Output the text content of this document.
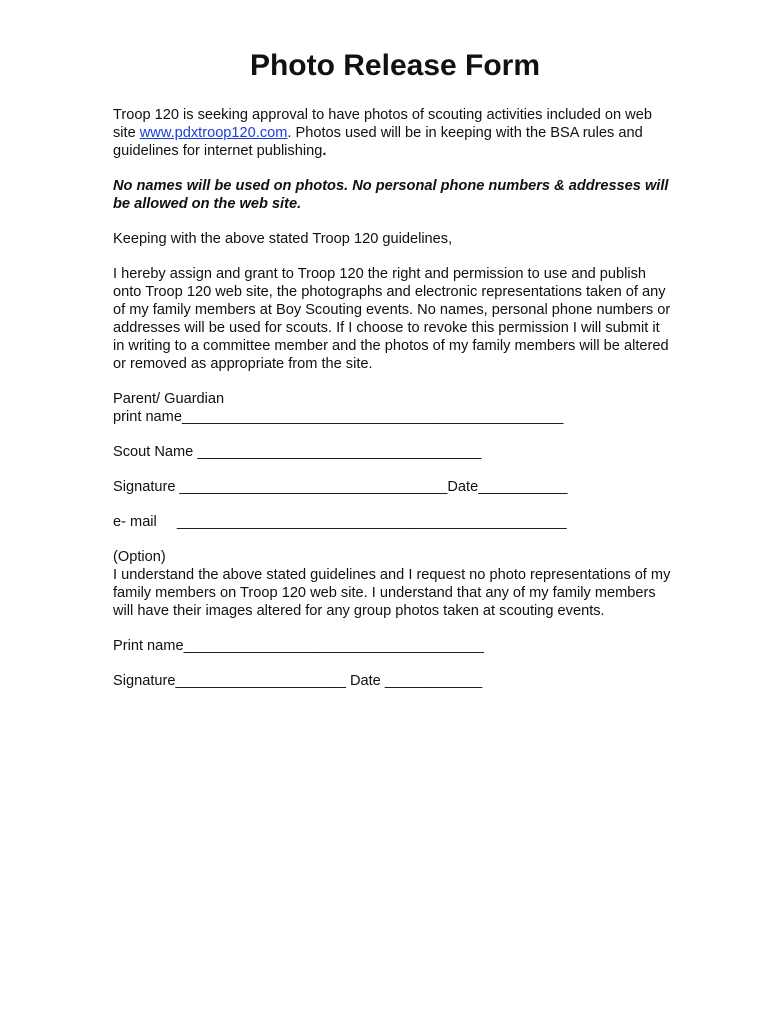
Photo Release Form

Troop 120 is seeking approval to have photos of scouting activities included on web site www.pdxtroop120.com. Photos used will be in keeping with the BSA rules and guidelines for internet publishing.

No names will be used on photos. No personal phone numbers & addresses will be allowed on the web site.

Keeping with the above stated Troop 120 guidelines,

I hereby assign and grant to Troop 120 the right and permission to use and publish onto Troop 120 web site, the photographs and electronic representations taken of any of my family members at Boy Scouting events. No names, personal phone numbers or addresses will be used for scouts. If I choose to revoke this permission I will submit it in writing to a committee member and the photos of my family members will be altered or removed as appropriate from the site.

Parent/ Guardian

print name_______________________________________________

Scout Name ___________________________________

Signature _________________________________Date___________

e- mail     ________________________________________________

(Option)

I understand the above stated guidelines and I request no photo representations of my family members on Troop 120 web site. I understand that any of my family members will have their images altered for any group photos taken at scouting events.

Print name_____________________________________

Signature_____________________ Date ____________
